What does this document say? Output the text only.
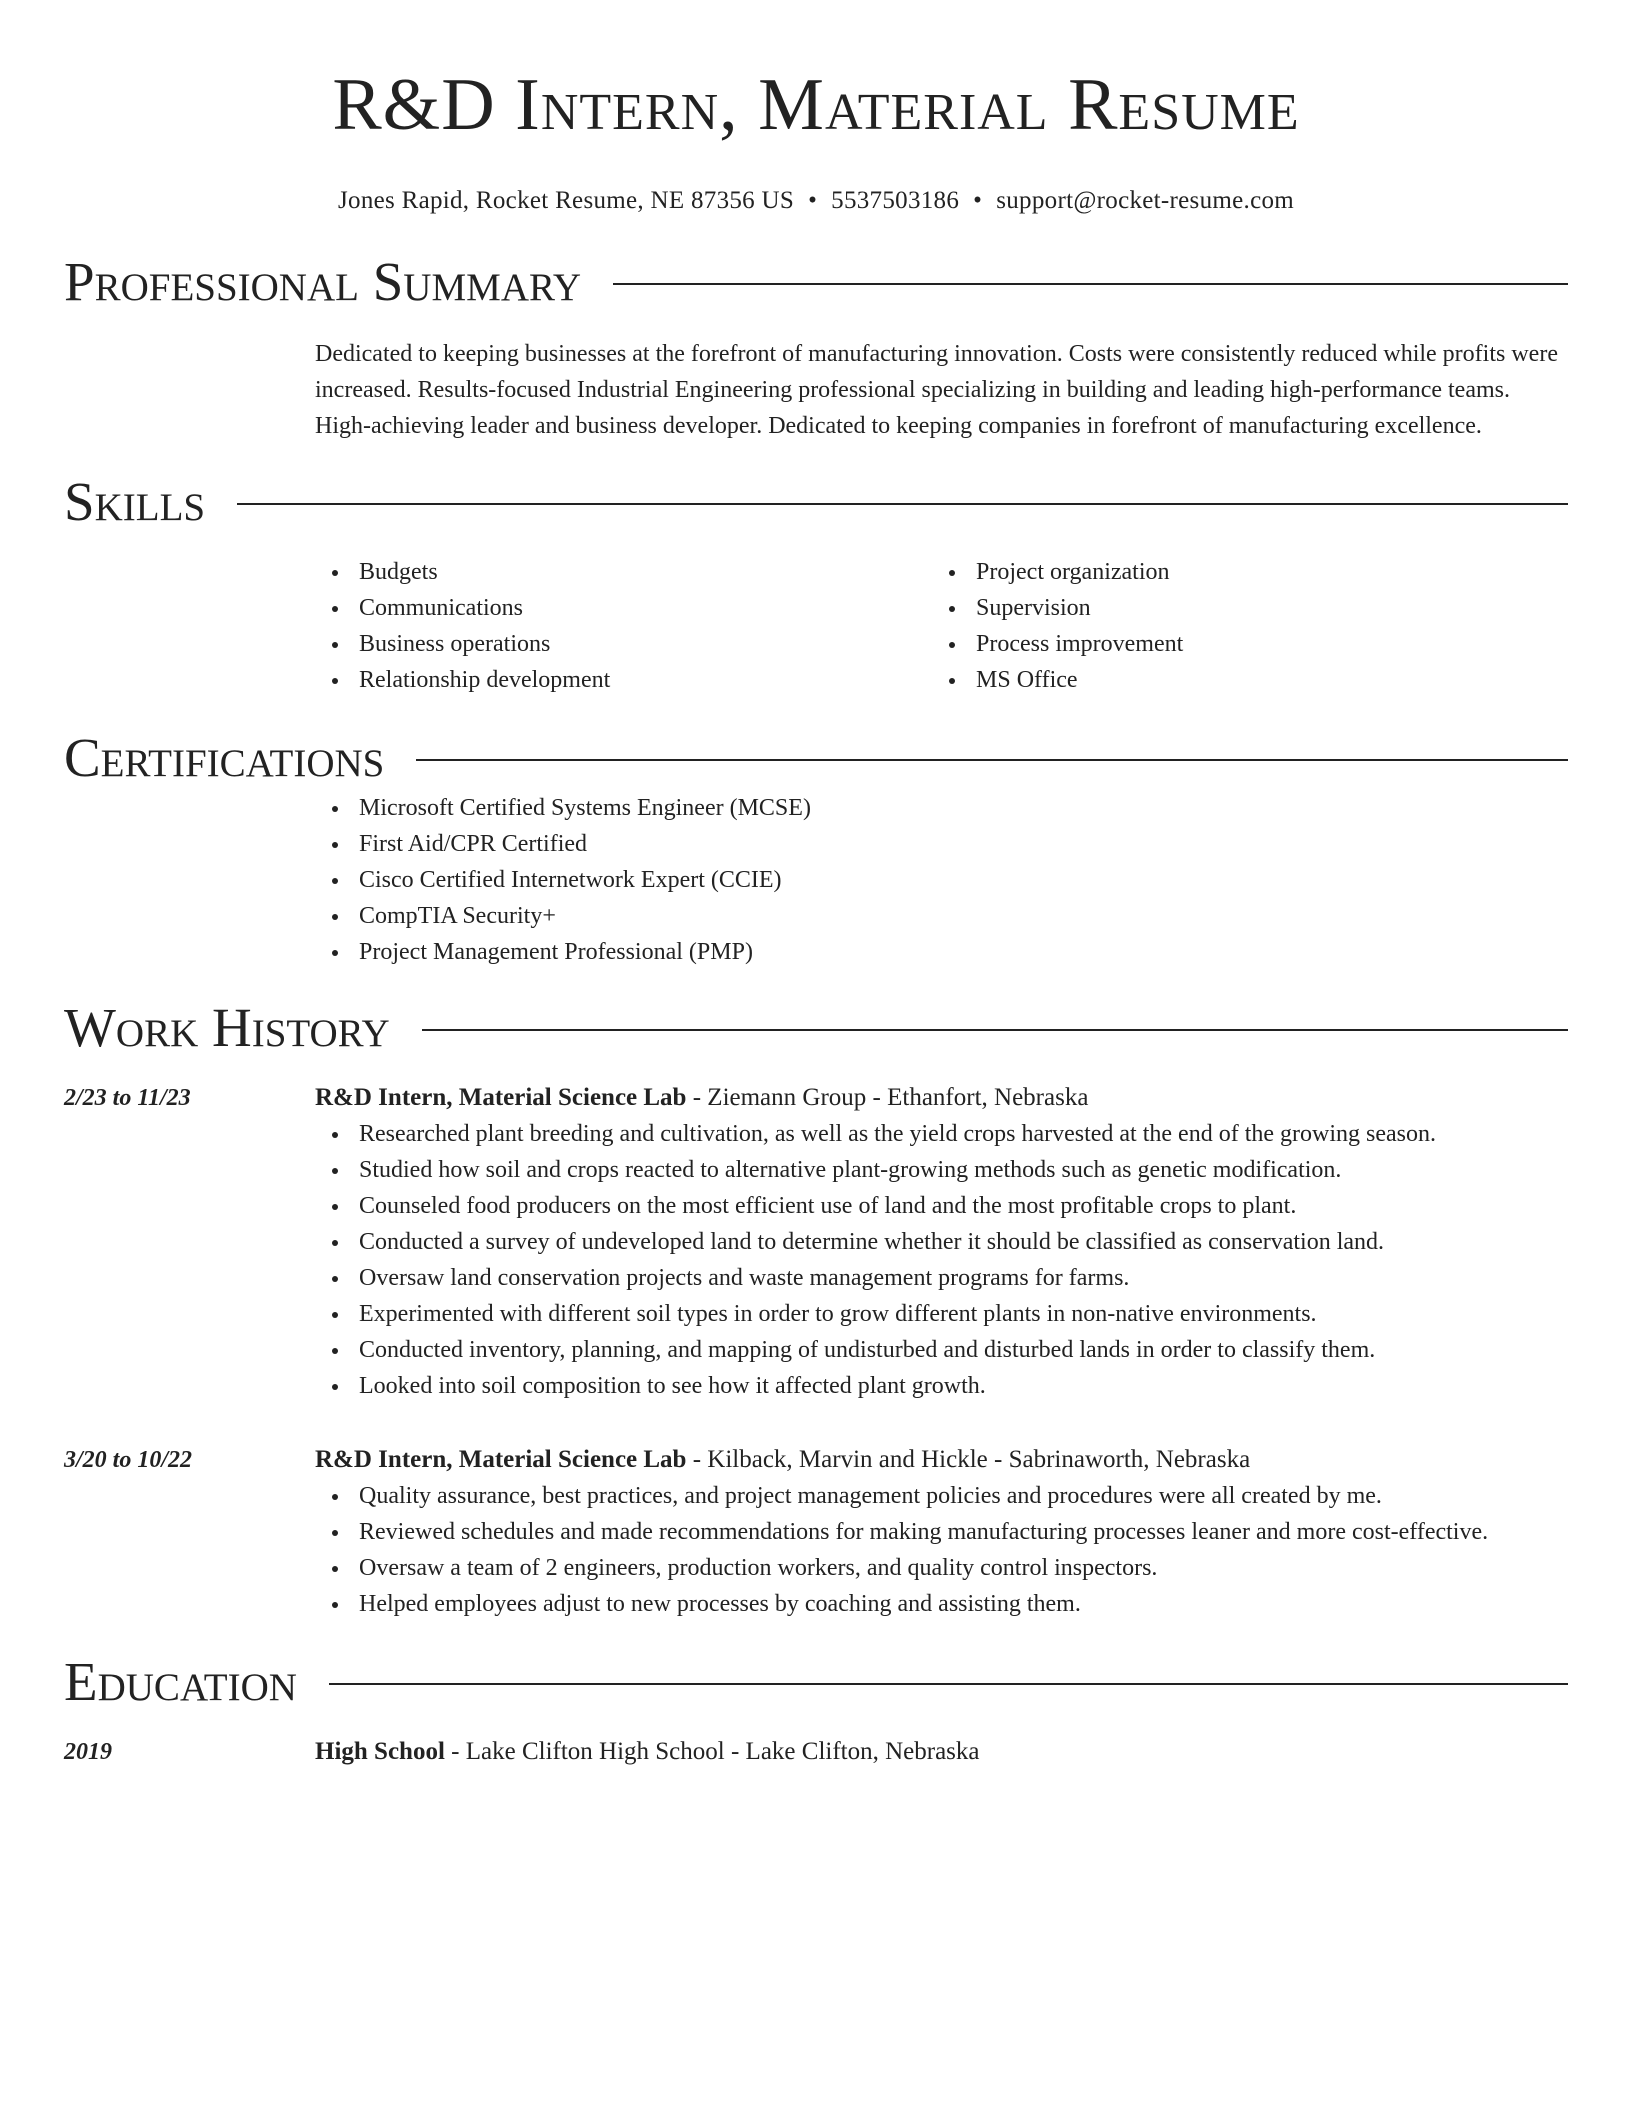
R&D Intern, Material Resume
Jones Rapid, Rocket Resume, NE 87356 US • 5537503186 • support@rocket-resume.com
Professional Summary

Dedicated to keeping businesses at the forefront of manufacturing innovation. Costs were consistently reduced while profits were increased. Results-focused Industrial Engineering professional specializing in building and leading high-performance teams. High-achieving leader and business developer. Dedicated to keeping companies in forefront of manufacturing excellence.

Skills
Budgets
Communications
Business operations
Relationship development
Project organization
Supervision
Process improvement
MS Office
Certifications
Microsoft Certified Systems Engineer (MCSE)
First Aid/CPR Certified
Cisco Certified Internetwork Expert (CCIE)
CompTIA Security+
Project Management Professional (PMP)
Work History
2/23 to 11/23	R&D Intern, Material Science Lab - Ziemann Group - Ethanfort, Nebraska
Researched plant breeding and cultivation, as well as the yield crops harvested at the end of the growing season.
Studied how soil and crops reacted to alternative plant-growing methods such as genetic modification.
Counseled food producers on the most efficient use of land and the most profitable crops to plant.
Conducted a survey of undeveloped land to determine whether it should be classified as conservation land.
Oversaw land conservation projects and waste management programs for farms.
Experimented with different soil types in order to grow different plants in non-native environments.
Conducted inventory, planning, and mapping of undisturbed and disturbed lands in order to classify them.
Looked into soil composition to see how it affected plant growth.
3/20 to 10/22	R&D Intern, Material Science Lab - Kilback, Marvin and Hickle - Sabrinaworth, Nebraska
Quality assurance, best practices, and project management policies and procedures were all created by me.
Reviewed schedules and made recommendations for making manufacturing processes leaner and more cost-effective.
Oversaw a team of 2 engineers, production workers, and quality control inspectors.
Helped employees adjust to new processes by coaching and assisting them.
Education
2019	High School - Lake Clifton High School - Lake Clifton, Nebraska
